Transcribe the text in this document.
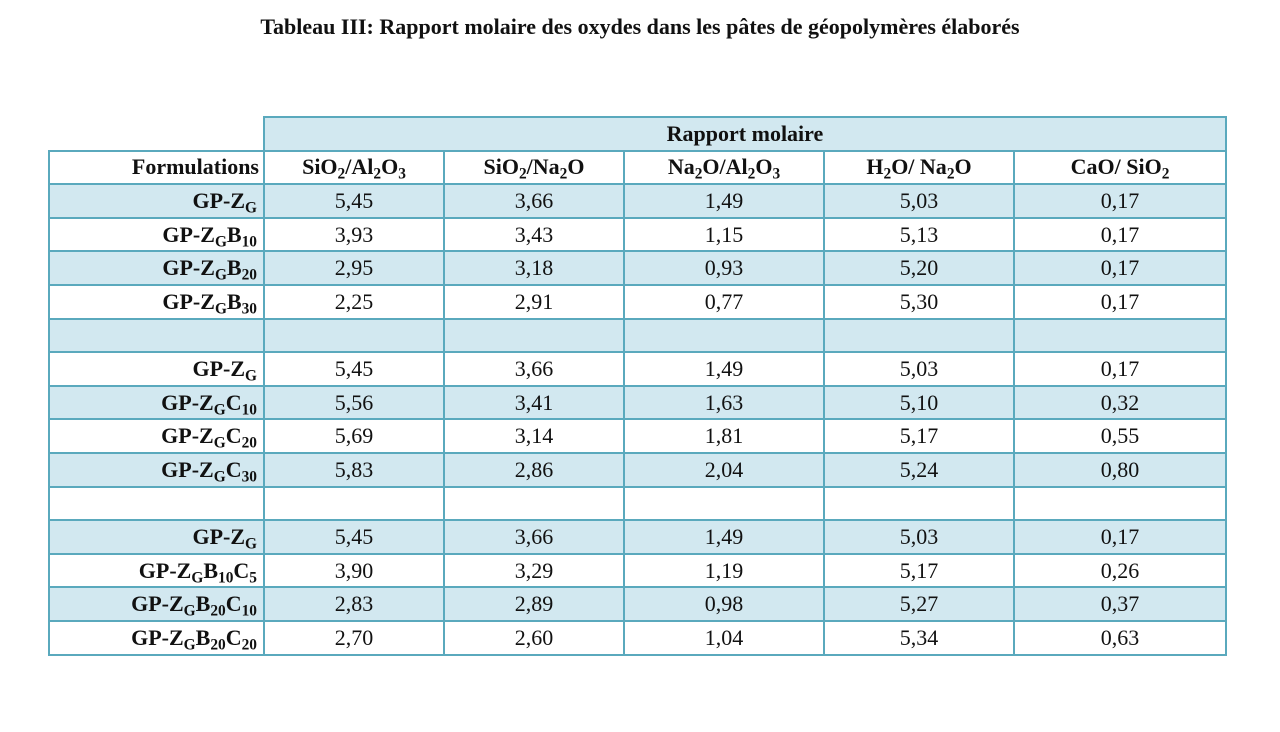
Tableau III: Rapport molaire des oxydes dans les pâtes de géopolymères élaborés
	Rapport molaire				
Formulations	$SiO_2/Al_2O_3$	$SiO_2/Na_2O$	$Na_2O/Al_2O_3$	$H_2O/$ $Na_2O$	CaO/ SiO$_2$
$GP-Z_G$	5,45	3,66	1,49	5,03	0,17
$GP-Z_GB_{10}$	3,93	3,43	1,15	5,13	0,17
$GP-Z_GB_{20}$	2,95	3,18	0,93	5,20	0,17
$GP-Z_GB_{30}$	2,25	2,91	0,77	5,30	0,17

$GP-Z_G$	5,45	3,66	1,49	5,03	0,17
$GP-Z_GC_{10}$	5,56	3,41	1,63	5,10	0,32
$GP-Z_GC_{20}$	5,69	3,14	1,81	5,17	0,55
$GP-Z_GC_{30}$	5,83	2,86	2,04	5,24	0,80

$GP-Z_G$	5,45	3,66	1,49	5,03	0,17
$GP-Z_GB_{10}C_5$	3,90	3,29	1,19	5,17	0,26
$GP-Z_GB_{20}C_{10}$	2,83	2,89	0,98	5,27	0,37
$GP-Z_GB_{20}C_{20}$	2,70	2,60	1,04	5,34	0,63
